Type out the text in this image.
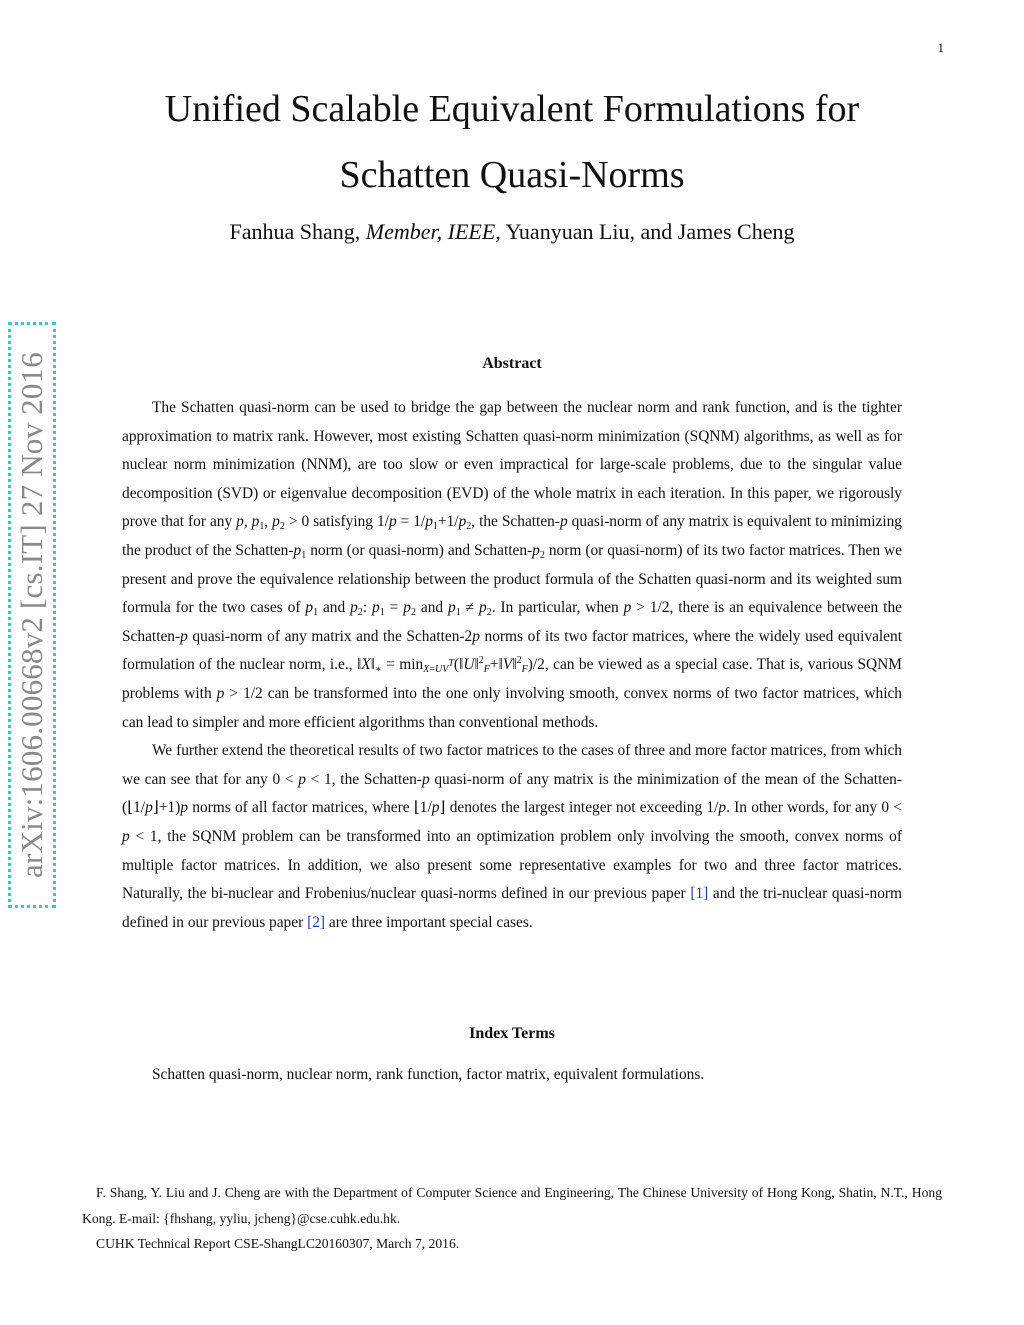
1
arXiv:1606.00668v2 [cs.IT] 27 Nov 2016
Unified Scalable Equivalent Formulations for
Schatten Quasi-Norms
Fanhua Shang, Member, IEEE, Yuanyuan Liu, and James Cheng
Abstract

The Schatten quasi-norm can be used to bridge the gap between the nuclear norm and rank function, and is the tighter approximation to matrix rank. However, most existing Schatten quasi-norm minimization (SQNM) algorithms, as well as for nuclear norm minimization (NNM), are too slow or even impractical for large-scale problems, due to the singular value decomposition (SVD) or eigenvalue decomposition (EVD) of the whole matrix in each iteration. In this paper, we rigorously prove that for any p, $p_1$, $p_2 > 0$ satisfying $1/p = 1/p_1+1/p_2$, the Schatten-p quasi-norm of any matrix is equivalent to minimizing the product of the Schatten-$p_1$ norm (or quasi-norm) and Schatten-$p_2$ norm (or quasi-norm) of its two factor matrices. Then we present and prove the equivalence relationship between the product formula of the Schatten quasi-norm and its weighted sum formula for the two cases of $p_1$ and $p_2$: $p_1 = p_2$ and $p_1 \ne p_2$. In particular, when p > 1/2, there is an equivalence between the Schatten-p quasi-norm of any matrix and the Schatten-2p norms of its two factor matrices, where the widely used equivalent formulation of the nuclear norm, i.e., $‖X‖_∗$ = $\min_{X=UV^T}(‖U‖^2_F+‖V‖^2_F)/2$, can be viewed as a special case. That is, various SQNM problems with p > 1/2 can be transformed into the one only involving smooth, convex norms of two factor matrices, which can lead to simpler and more efficient algorithms than conventional methods.

We further extend the theoretical results of two factor matrices to the cases of three and more factor matrices, from which we can see that for any 0 < p < 1, the Schatten-p quasi-norm of any matrix is the minimization of the mean of the Schatten-(⌊1/p⌋+1)p norms of all factor matrices, where ⌊1/p⌋ denotes the largest integer not exceeding 1/p. In other words, for any 0 < p < 1, the SQNM problem can be transformed into an optimization problem only involving the smooth, convex norms of multiple factor matrices. In addition, we also present some representative examples for two and three factor matrices. Naturally, the bi-nuclear and Frobenius/nuclear quasi-norms defined in our previous paper [1] and the tri-nuclear quasi-norm defined in our previous paper [2] are three important special cases.

Index Terms
Schatten quasi-norm, nuclear norm, rank function, factor matrix, equivalent formulations.

F. Shang, Y. Liu and J. Cheng are with the Department of Computer Science and Engineering, The Chinese University of Hong Kong, Shatin, N.T., Hong Kong. E-mail: {fhshang, yyliu, jcheng}@cse.cuhk.edu.hk.

CUHK Technical Report CSE-ShangLC20160307, March 7, 2016.
